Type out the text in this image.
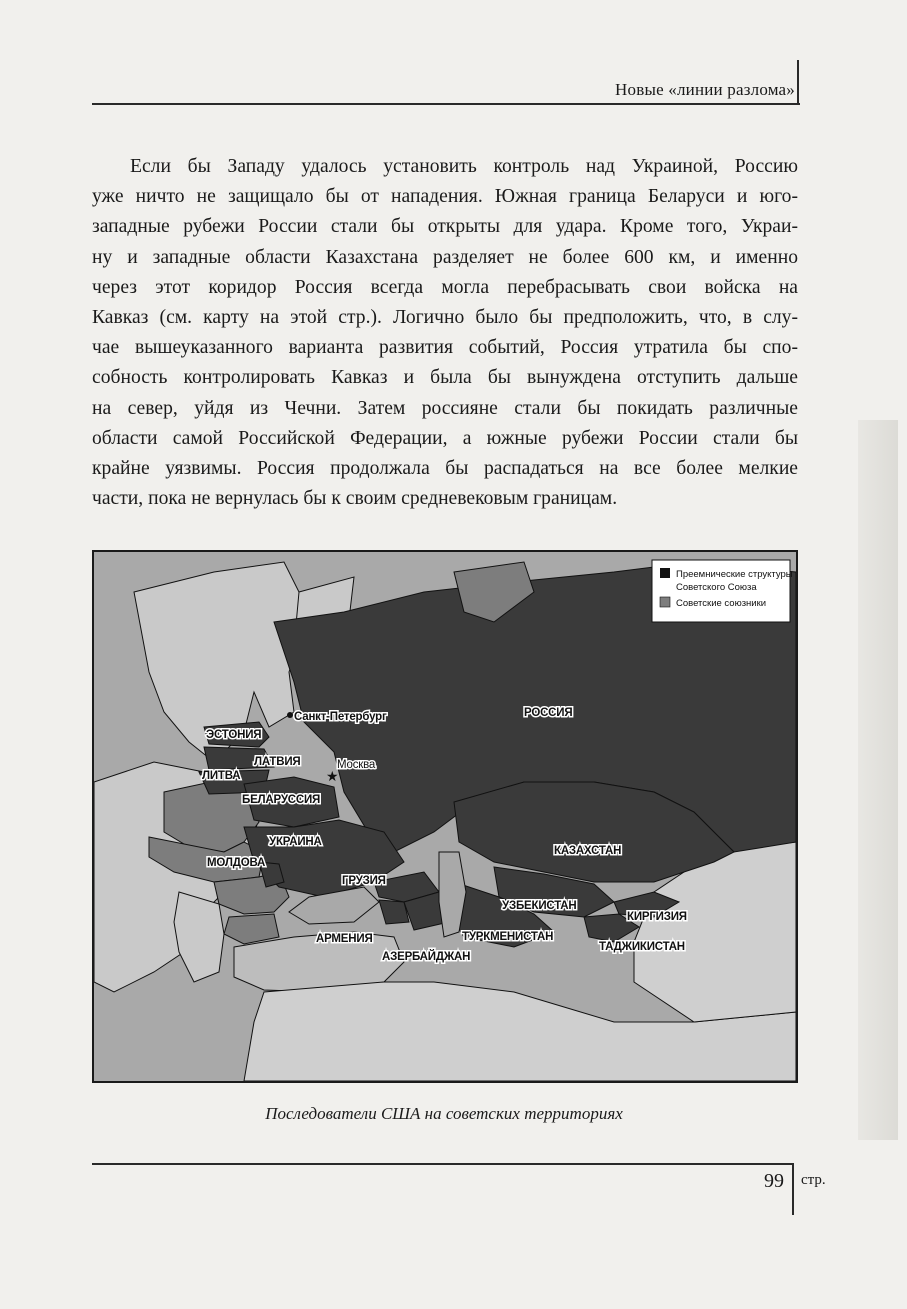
Новые «линии разлома»
Если бы Западу удалось установить контроль над Украиной, Россию
уже ничто не защищало бы от нападения. Южная граница Беларуси и юго-
западные рубежи России стали бы открыты для удара. Кроме того, Украи-
ну и западные области Казахстана разделяет не более 600 км, и именно
через этот коридор Россия всегда могла перебрасывать свои войска на
Кавказ (см. карту на этой стр.). Логично было бы предположить, что, в слу-
чае вышеуказанного варианта развития событий, Россия утратила бы спо-
собность контролировать Кавказ и была бы вынуждена отступить дальше
на север, уйдя из Чечни. Затем россияне стали бы покидать различные
области самой Российской Федерации, а южные рубежи России стали бы
крайне уязвимы. Россия продолжала бы распадаться на все более мелкие
части, пока не вернулась бы к своим средневековым границам.
Преемнические структуры
Советского Союза
Советские союзники
★
Санкт-Петербург
ЭСТОНИЯ
ЛАТВИЯ
ЛИТВА
Москва
БЕЛАРУССИЯ
УКРАИНА
МОЛДОВА
ГРУЗИЯ
АРМЕНИЯ
АЗЕРБАЙДЖАН
РОССИЯ
КАЗАХСТАН
УЗБЕКИСТАН
ТУРКМЕНИСТАН
КИРГИЗИЯ
ТАДЖИКИСТАН
Последователи США на советских территориях
99 стр.
